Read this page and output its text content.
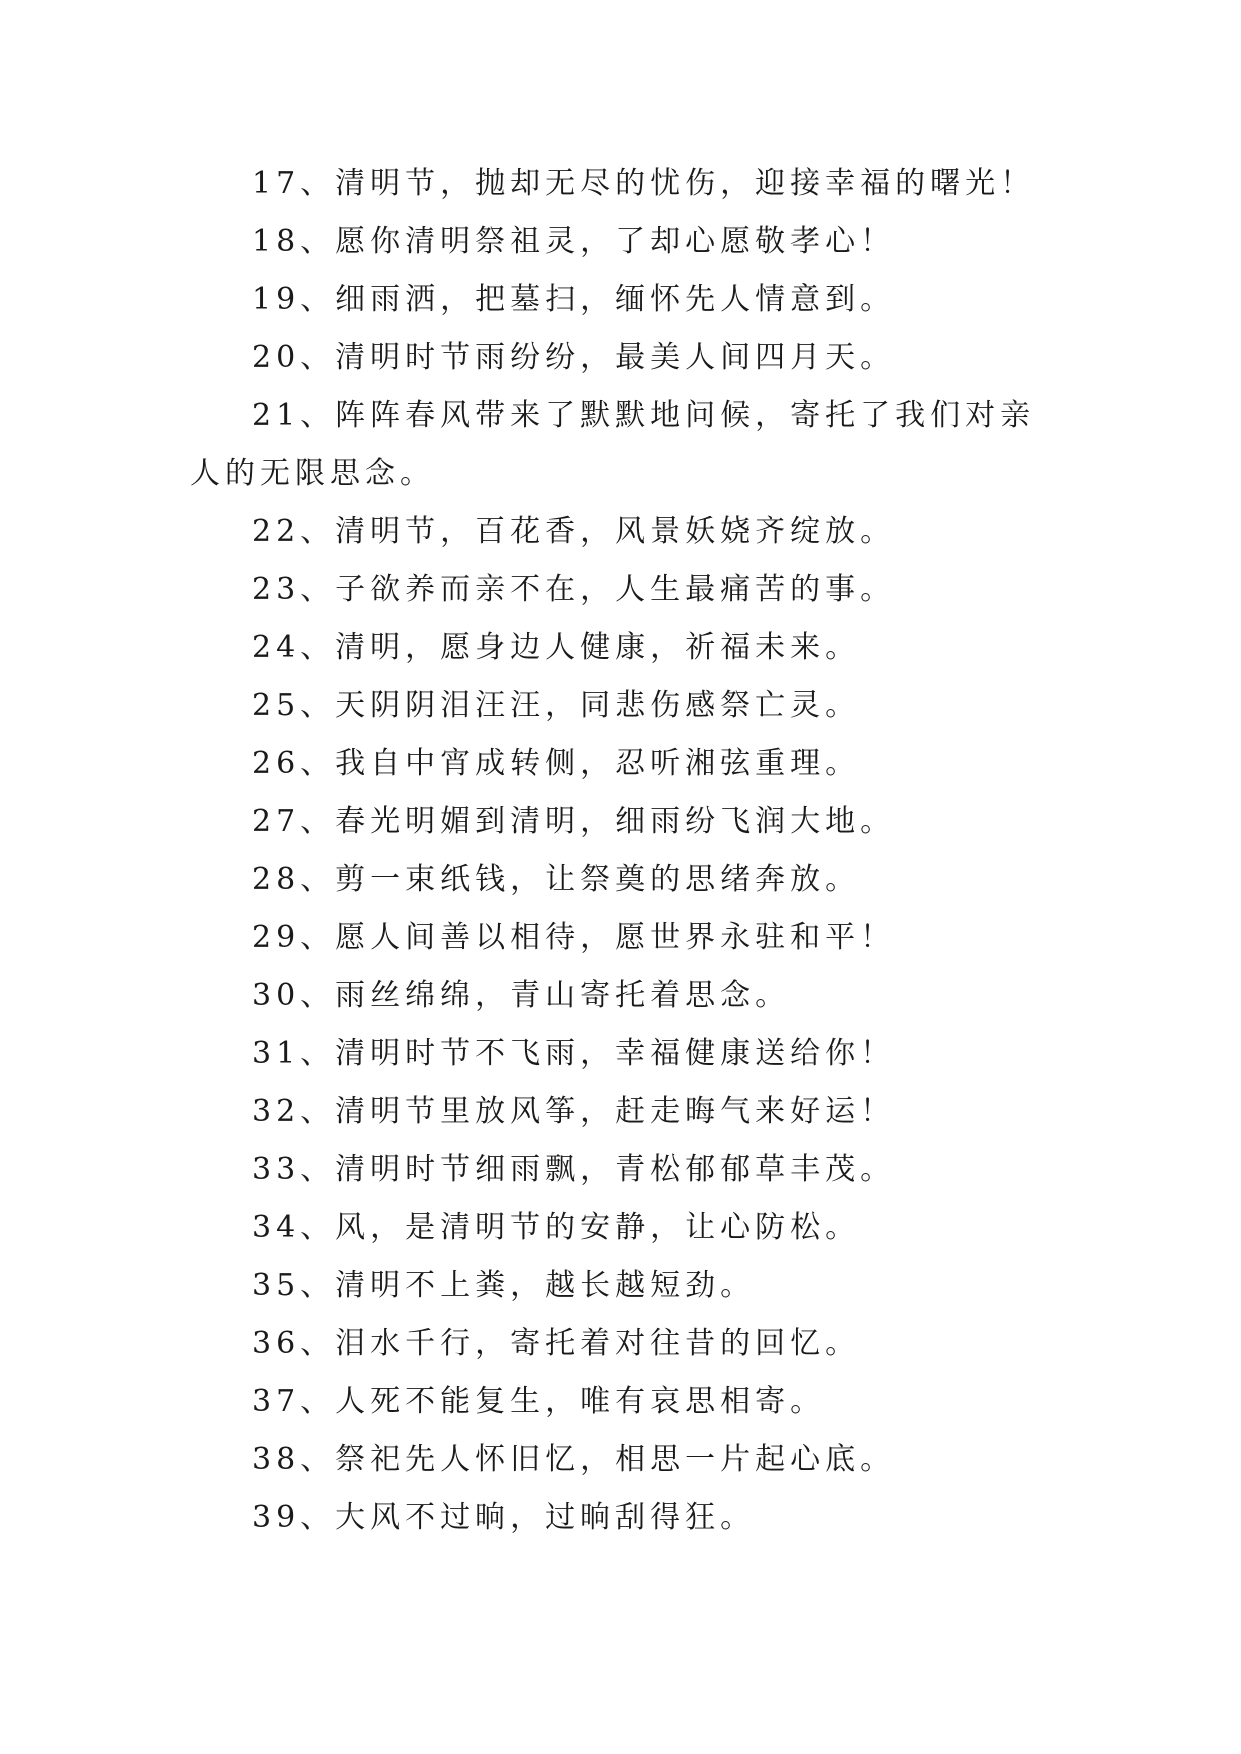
17、清明节，抛却无尽的忧伤，迎接幸福的曙光！

18、愿你清明祭祖灵，了却心愿敬孝心！

19、细雨洒，把墓扫，缅怀先人情意到。

20、清明时节雨纷纷，最美人间四月天。

21、阵阵春风带来了默默地问候，寄托了我们对亲人的无限思念。

22、清明节，百花香，风景妖娆齐绽放。

23、子欲养而亲不在，人生最痛苦的事。

24、清明，愿身边人健康，祈福未来。

25、天阴阴泪汪汪，同悲伤感祭亡灵。

26、我自中宵成转侧，忍听湘弦重理。

27、春光明媚到清明，细雨纷飞润大地。

28、剪一束纸钱，让祭奠的思绪奔放。

29、愿人间善以相待，愿世界永驻和平！

30、雨丝绵绵，青山寄托着思念。

31、清明时节不飞雨，幸福健康送给你！

32、清明节里放风筝，赶走晦气来好运！

33、清明时节细雨飘，青松郁郁草丰茂。

34、风，是清明节的安静，让心防松。

35、清明不上粪，越长越短劲。

36、泪水千行，寄托着对往昔的回忆。

37、人死不能复生，唯有哀思相寄。

38、祭祀先人怀旧忆，相思一片起心底。

39、大风不过晌，过晌刮得狂。
